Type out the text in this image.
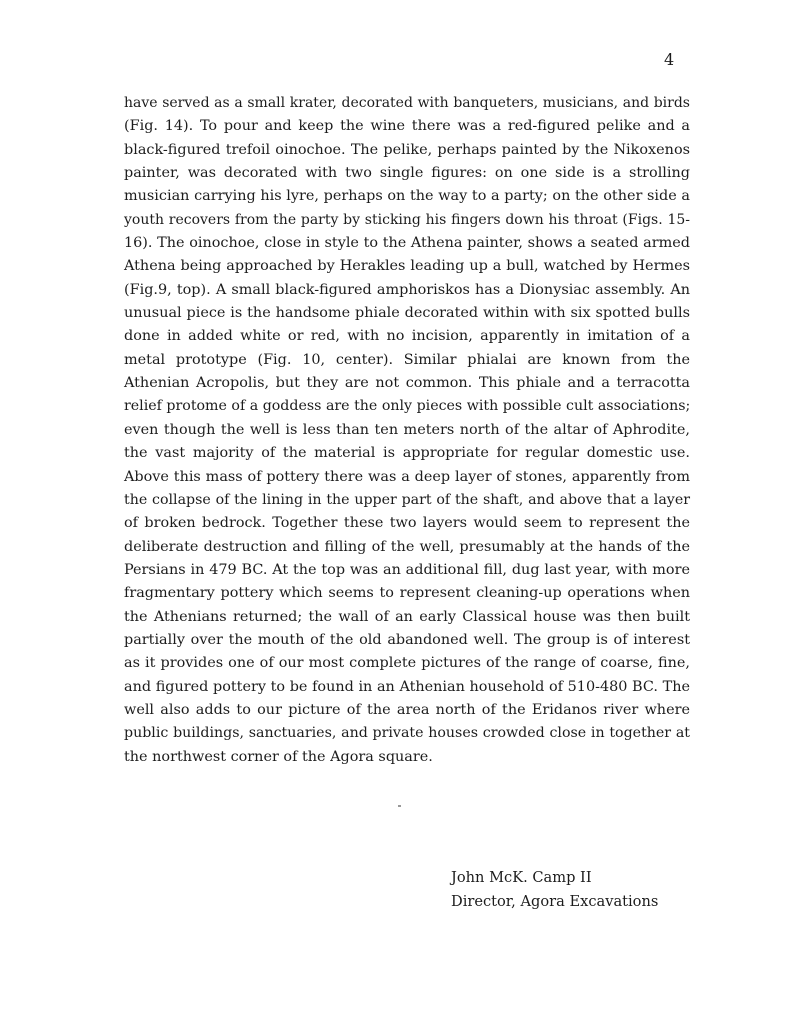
4
have served as a small krater, decorated with banqueters, musicians, and birds
(Fig. 14). To pour and keep the wine there was a red-figured pelike and a
black-figured trefoil oinochoe. The pelike, perhaps painted by the Nikoxenos
painter, was decorated with two single figures: on one side is a strolling
musician carrying his lyre, perhaps on the way to a party; on the other side a
youth recovers from the party by sticking his fingers down his throat (Figs. 15-
16). The oinochoe, close in style to the Athena painter, shows a seated armed
Athena being approached by Herakles leading up a bull, watched by Hermes
(Fig.9, top). A small black-figured amphoriskos has a Dionysiac assembly. An
unusual piece is the handsome phiale decorated within with six spotted bulls
done in added white or red, with no incision, apparently in imitation of a
metal prototype (Fig. 10, center). Similar phialai are known from the
Athenian Acropolis, but they are not common. This phiale and a terracotta
relief protome of a goddess are the only pieces with possible cult associations;
even though the well is less than ten meters north of the altar of Aphrodite,
the vast majority of the material is appropriate for regular domestic use.
Above this mass of pottery there was a deep layer of stones, apparently from
the collapse of the lining in the upper part of the shaft, and above that a layer
of broken bedrock. Together these two layers would seem to represent the
deliberate destruction and filling of the well, presumably at the hands of the
Persians in 479 BC. At the top was an additional fill, dug last year, with more
fragmentary pottery which seems to represent cleaning-up operations when
the Athenians returned; the wall of an early Classical house was then built
partially over the mouth of the old abandoned well. The group is of interest
as it provides one of our most complete pictures of the range of coarse, fine,
and figured pottery to be found in an Athenian household of 510-480 BC. The
well also adds to our picture of the area north of the Eridanos river where
public buildings, sanctuaries, and private houses crowded close in together at
the northwest corner of the Agora square.
John McK. Camp II
Director, Agora Excavations
